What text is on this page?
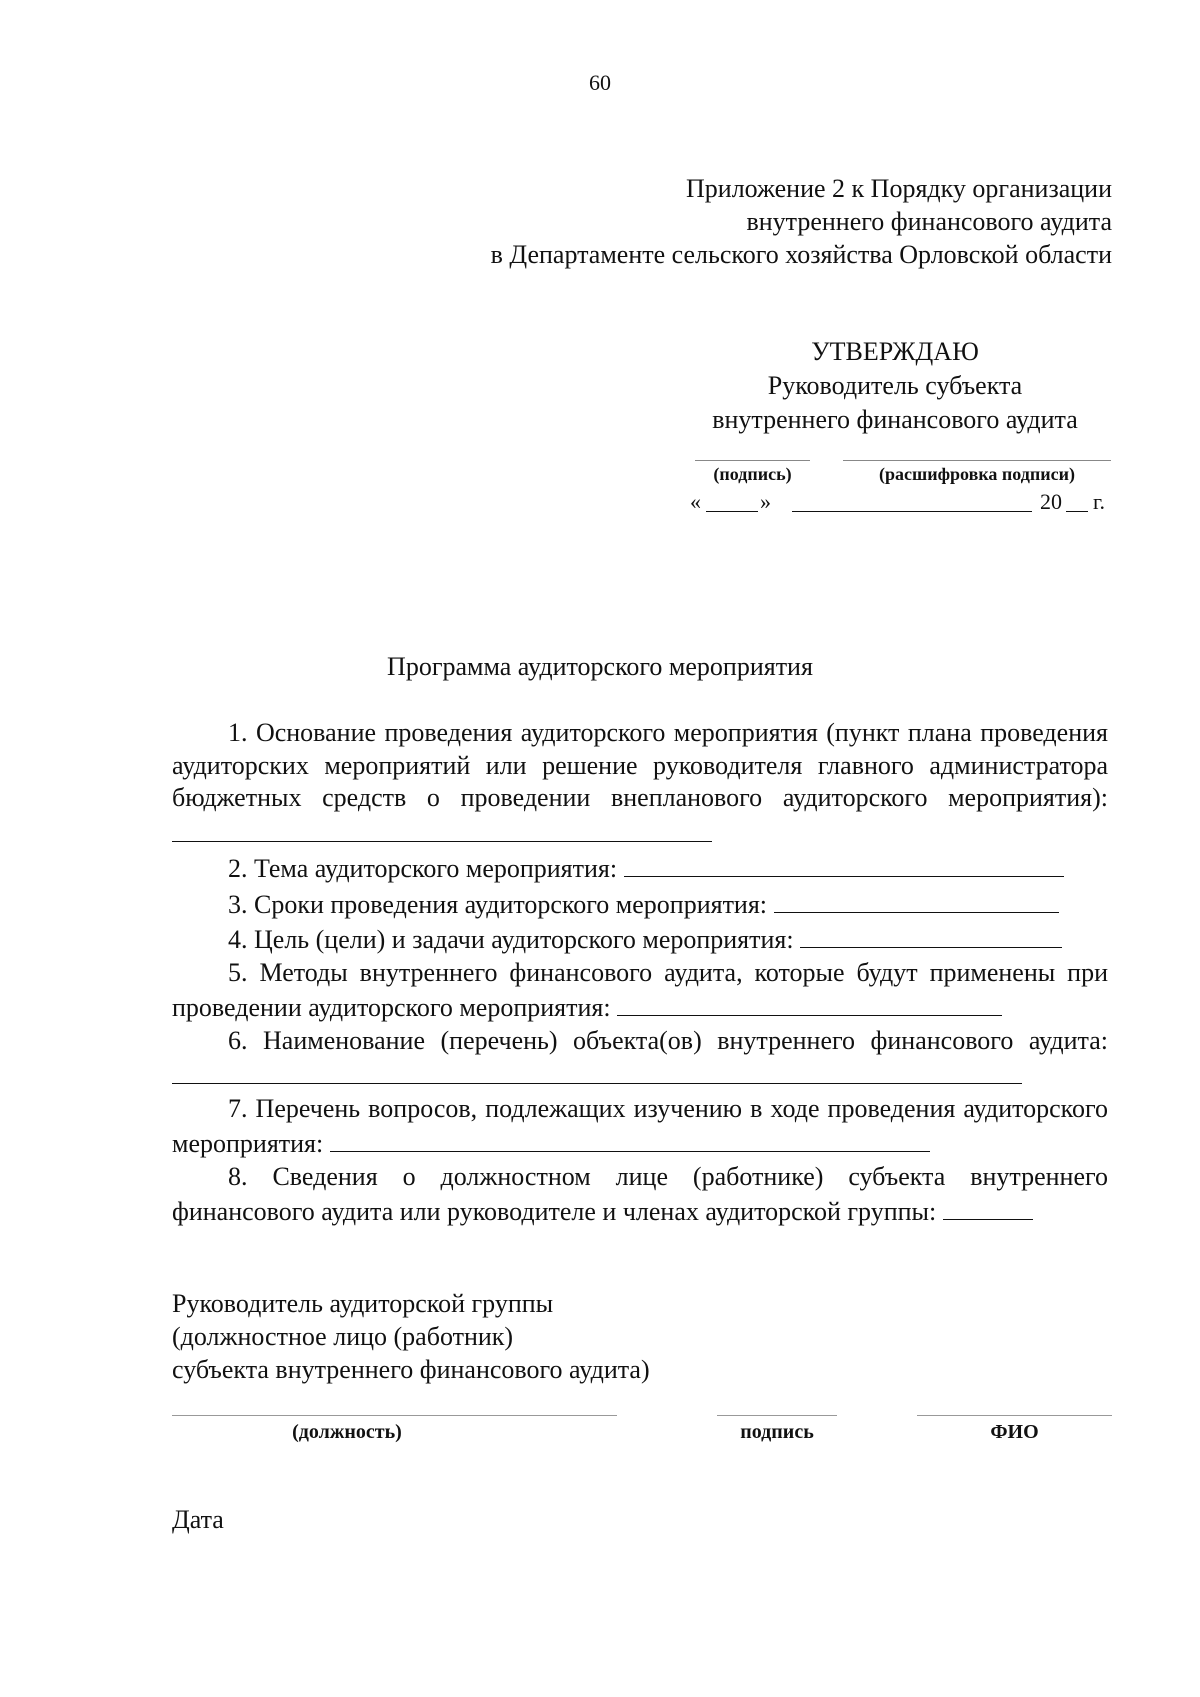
60
Приложение 2 к Порядку организации
внутреннего финансового аудита
в Департаменте сельского хозяйства Орловской области
УТВЕРЖДАЮ
Руководитель субъекта
внутреннего финансового аудита
(подпись)	(расшифровка подписи)
«	»	20 г.
Программа аудиторского мероприятия

1. Основание проведения аудиторского мероприятия (пункт плана проведения аудиторских мероприятий или решение руководителя главного администратора бюджетных средств о проведении внепланового аудиторского мероприятия):

2. Тема аудиторского мероприятия:

3. Сроки проведения аудиторского мероприятия:

4. Цель (цели) и задачи аудиторского мероприятия:

5. Методы внутреннего финансового аудита, которые будут применены при проведении аудиторского мероприятия:

6. Наименование (перечень) объекта(ов) внутреннего финансового аудита:

7. Перечень вопросов, подлежащих изучению в ходе проведения аудиторского мероприятия:

8. Сведения о должностном лице (работнике) субъекта внутреннего финансового аудита или руководителе и членах аудиторской группы:

Руководитель аудиторской группы
(должностное лицо (работник)
субъекта внутреннего финансового аудита)
(должность)	подпись	ФИО
Дата
